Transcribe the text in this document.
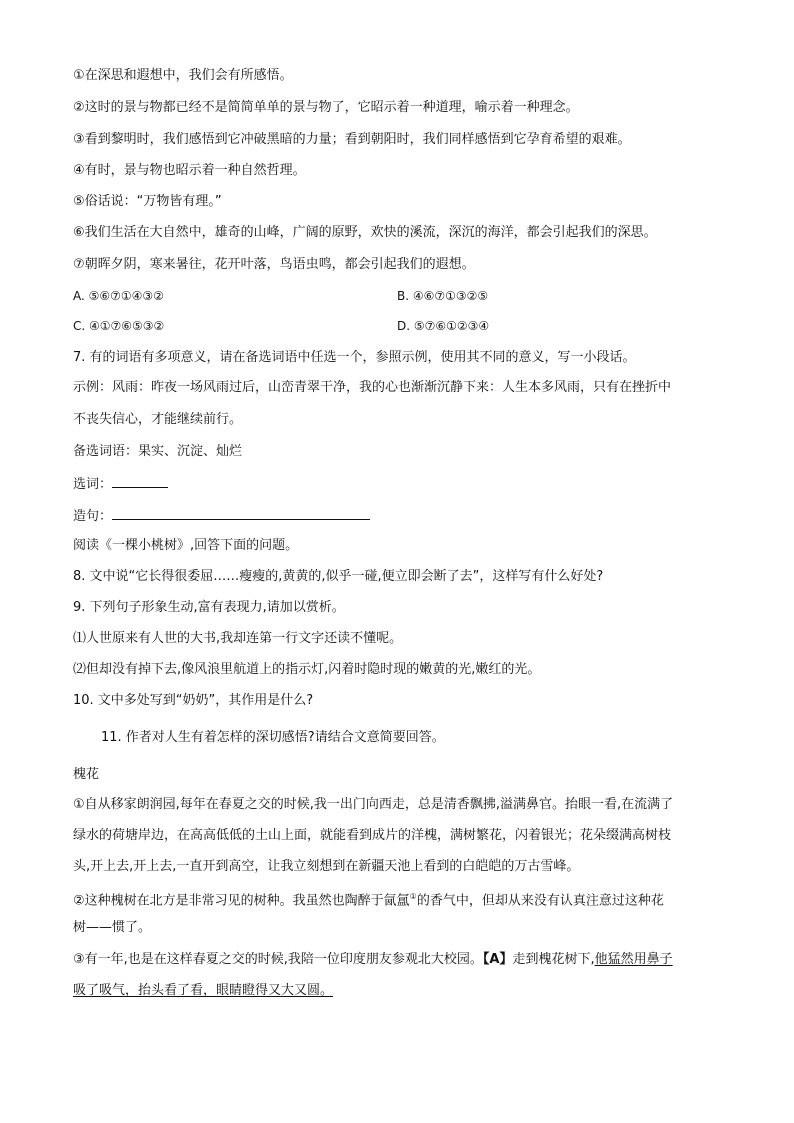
①在深思和遐想中，我们会有所感悟。
②这时的景与物都已经不是简简单单的景与物了，它昭示着一种道理，喻示着一种理念。
③看到黎明时，我们感悟到它冲破黑暗的力量；看到朝阳时，我们同样感悟到它孕育希望的艰难。
④有时，景与物也昭示着一种自然哲理。
⑤俗话说：“万物皆有理。”
⑥我们生活在大自然中，雄奇的山峰，广阔的原野，欢快的溪流，深沉的海洋，都会引起我们的深思。
⑦朝晖夕阴，寒来暑往，花开叶落，鸟语虫鸣，都会引起我们的遐想。
A. ⑤⑥⑦①④③②	B. ④⑥⑦①③②⑤
C. ④①⑦⑥⑤③②	D. ⑤⑦⑥①②③④
7. 有的词语有多项意义，请在备选词语中任选一个，参照示例，使用其不同的意义，写一小段话。
示例：风雨：昨夜一场风雨过后，山峦青翠干净，我的心也渐渐沉静下来：人生本多风雨，只有在挫折中
不丧失信心，才能继续前行。
备选词语：果实、沉淀、灿烂
选词：
造句：
阅读《一棵小桃树》,回答下面的问题。
8. 文中说“它长得很委屈……瘦瘦的,黄黄的,似乎一碰,便立即会断了去”，这样写有什么好处?
9. 下列句子形象生动,富有表现力,请加以赏析。
⑴人世原来有人世的大书,我却连第一行文字还读不懂呢。
⑵但却没有掉下去,像风浪里航道上的指示灯,闪着时隐时现的嫩黄的光,嫩红的光。
10. 文中多处写到“奶奶”，其作用是什么?
11. 作者对人生有着怎样的深切感悟?请结合文意简要回答。
槐花
①自从移家朗润园,每年在春夏之交的时候,我一出门向西走，总是清香飘拂,溢满鼻官。抬眼一看,在流满了
绿水的荷塘岸边，在高高低低的土山上面，就能看到成片的洋槐，满树繁花，闪着银光；花朵缀满高树枝
头,开上去,开上去,一直开到高空，让我立刻想到在新疆天池上看到的白皑皑的万古雪峰。
②这种槐树在北方是非常习见的树种。我虽然也陶醉于氤氲①的香气中，但却从来没有认真注意过这种花
树——惯了。
③有一年,也是在这样春夏之交的时候,我陪一位印度朋友参观北大校园。【A】走到槐花树下,他猛然用鼻子
吸了吸气，抬头看了看，眼睛瞪得又大又圆。
